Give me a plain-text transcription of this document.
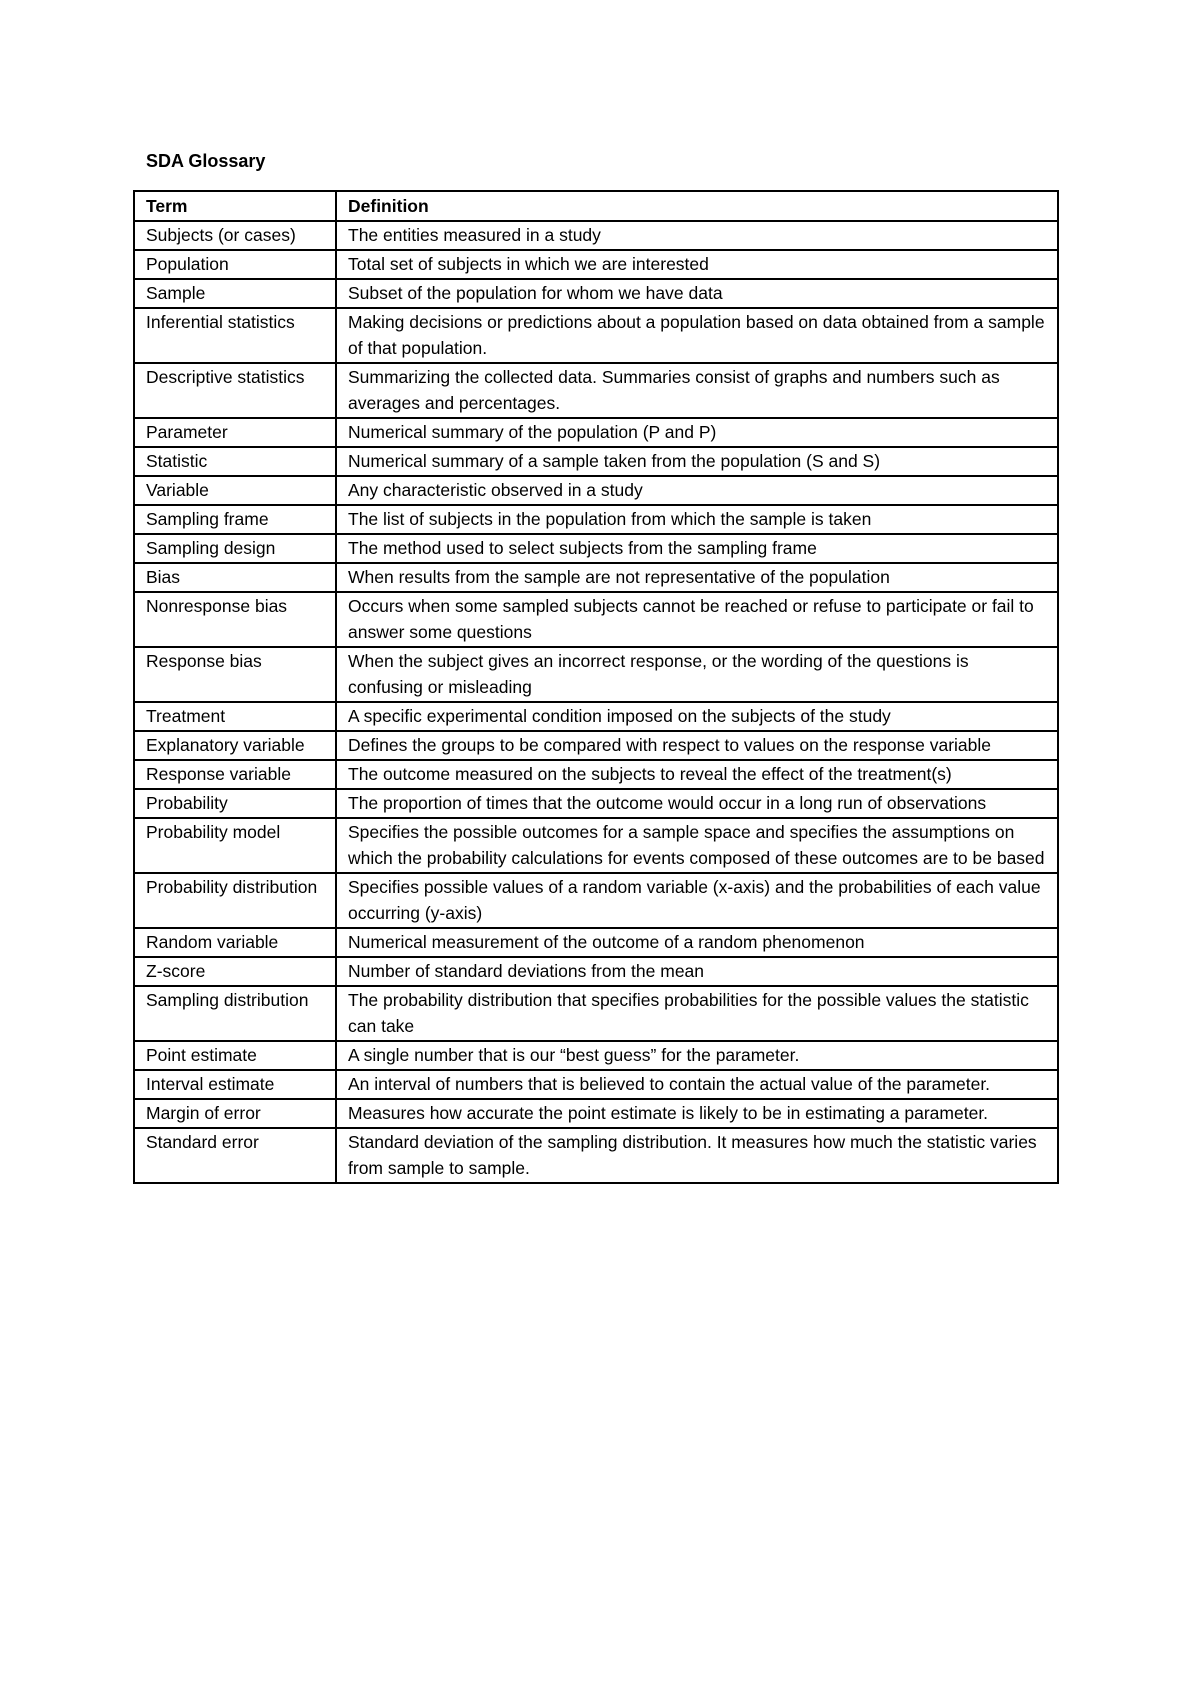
SDA Glossary
Term	Definition
Subjects (or cases)	The entities measured in a study
Population	Total set of subjects in which we are interested
Sample	Subset of the population for whom we have data
Inferential statistics	Making decisions or predictions about a population based on data obtained from a sample of that population.
Descriptive statistics	Summarizing the collected data. Summaries consist of graphs and numbers such as averages and percentages.
Parameter	Numerical summary of the population (P and P)
Statistic	Numerical summary of a sample taken from the population (S and S)
Variable	Any characteristic observed in a study
Sampling frame	The list of subjects in the population from which the sample is taken
Sampling design	The method used to select subjects from the sampling frame
Bias	When results from the sample are not representative of the population
Nonresponse bias	Occurs when some sampled subjects cannot be reached or refuse to participate or fail to answer some questions
Response bias	When the subject gives an incorrect response, or the wording of the questions is confusing or misleading
Treatment	A specific experimental condition imposed on the subjects of the study
Explanatory variable	Defines the groups to be compared with respect to values on the response variable
Response variable	The outcome measured on the subjects to reveal the effect of the treatment(s)
Probability	The proportion of times that the outcome would occur in a long run of observations
Probability model	Specifies the possible outcomes for a sample space and specifies the assumptions on which the probability calculations for events composed of these outcomes are to be based
Probability distribution	Specifies possible values of a random variable (x-axis) and the probabilities of each value occurring (y-axis)
Random variable	Numerical measurement of the outcome of a random phenomenon
Z-score	Number of standard deviations from the mean
Sampling distribution	The probability distribution that specifies probabilities for the possible values the statistic can take
Point estimate	A single number that is our “best guess” for the parameter.
Interval estimate	An interval of numbers that is believed to contain the actual value of the parameter.
Margin of error	Measures how accurate the point estimate is likely to be in estimating a parameter.
Standard error	Standard deviation of the sampling distribution. It measures how much the statistic varies from sample to sample.
